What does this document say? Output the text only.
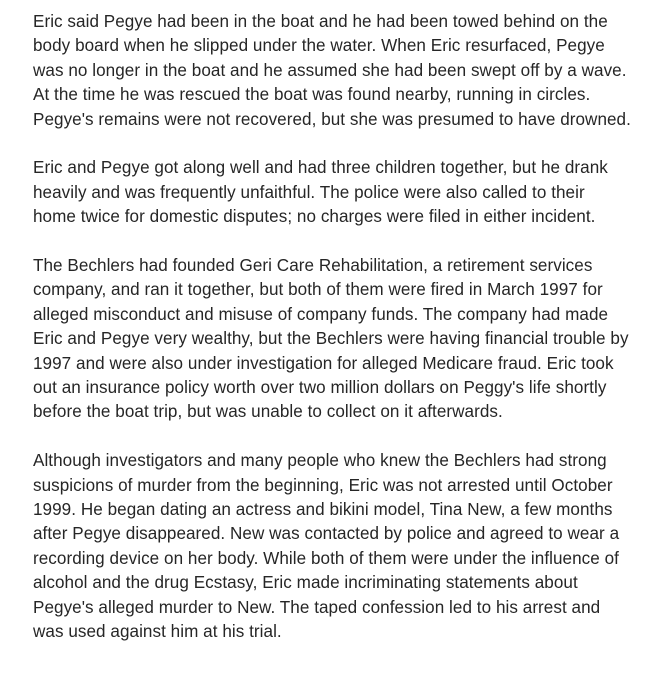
Eric said Pegye had been in the boat and he had been towed behind on the body board when he slipped under the water. When Eric resurfaced, Pegye was no longer in the boat and he assumed she had been swept off by a wave. At the time he was rescued the boat was found nearby, running in circles. Pegye's remains were not recovered, but she was presumed to have drowned.

Eric and Pegye got along well and had three children together, but he drank heavily and was frequently unfaithful. The police were also called to their home twice for domestic disputes; no charges were filed in either incident.

The Bechlers had founded Geri Care Rehabilitation, a retirement services company, and ran it together, but both of them were fired in March 1997 for alleged misconduct and misuse of company funds. The company had made Eric and Pegye very wealthy, but the Bechlers were having financial trouble by 1997 and were also under investigation for alleged Medicare fraud. Eric took out an insurance policy worth over two million dollars on Peggy's life shortly before the boat trip, but was unable to collect on it afterwards.

Although investigators and many people who knew the Bechlers had strong suspicions of murder from the beginning, Eric was not arrested until October 1999. He began dating an actress and bikini model, Tina New, a few months after Pegye disappeared. New was contacted by police and agreed to wear a recording device on her body. While both of them were under the influence of alcohol and the drug Ecstasy, Eric made incriminating statements about Pegye's alleged murder to New. The taped confession led to his arrest and was used against him at his trial.
